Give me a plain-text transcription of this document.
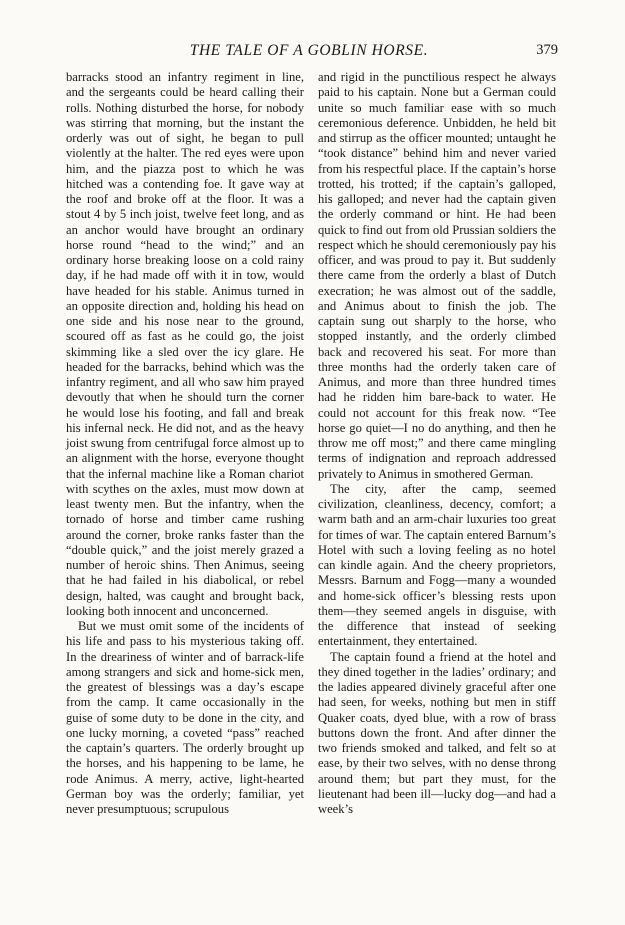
THE TALE OF A GOBLIN HORSE.	379

barracks stood an infantry regiment in line, and the sergeants could be heard calling their rolls. Nothing disturbed the horse, for nobody was stirring that morning, but the instant the orderly was out of sight, he began to pull violently at the halter. The red eyes were upon him, and the piazza post to which he was hitched was a contending foe. It gave way at the roof and broke off at the floor. It was a stout 4 by 5 inch joist, twelve feet long, and as an anchor would have brought an ordinary horse round “head to the wind;” and an ordinary horse breaking loose on a cold rainy day, if he had made off with it in tow, would have headed for his stable. Animus turned in an opposite direction and, holding his head on one side and his nose near to the ground, scoured off as fast as he could go, the joist skimming like a sled over the icy glare. He headed for the barracks, behind which was the infantry regiment, and all who saw him prayed devoutly that when he should turn the corner he would lose his footing, and fall and break his infernal neck. He did not, and as the heavy joist swung from centrifugal force almost up to an alignment with the horse, everyone thought that the infernal machine like a Roman chariot with scythes on the axles, must mow down at least twenty men. But the infantry, when the tornado of horse and timber came rushing around the corner, broke ranks faster than the “double quick,” and the joist merely grazed a number of heroic shins. Then Animus, seeing that he had failed in his diabolical, or rebel design, halted, was caught and brought back, looking both innocent and unconcerned.

But we must omit some of the incidents of his life and pass to his mysterious taking off. In the dreariness of winter and of barrack-life among strangers and sick and home-sick men, the greatest of blessings was a day’s escape from the camp. It came occasionally in the guise of some duty to be done in the city, and one lucky morning, a coveted “pass” reached the captain’s quarters. The orderly brought up the horses, and his happening to be lame, he rode Animus. A merry, active, light-hearted German boy was the orderly; familiar, yet never presumptuous; scrupulous

and rigid in the punctilious respect he always paid to his captain. None but a German could unite so much familiar ease with so much ceremonious deference. Unbidden, he held bit and stirrup as the officer mounted; untaught he “took distance” behind him and never varied from his respectful place. If the captain’s horse trotted, his trotted; if the captain’s galloped, his galloped; and never had the captain given the orderly command or hint. He had been quick to find out from old Prussian soldiers the respect which he should ceremoniously pay his officer, and was proud to pay it. But suddenly there came from the orderly a blast of Dutch execration; he was almost out of the saddle, and Animus about to finish the job. The captain sung out sharply to the horse, who stopped instantly, and the orderly climbed back and recovered his seat. For more than three months had the orderly taken care of Animus, and more than three hundred times had he ridden him bare-back to water. He could not account for this freak now. “Tee horse go quiet—I no do anything, and then he throw me off most;” and there came mingling terms of indignation and reproach addressed privately to Animus in smothered German.

The city, after the camp, seemed civilization, cleanliness, decency, comfort; a warm bath and an arm-chair luxuries too great for times of war. The captain entered Barnum’s Hotel with such a loving feeling as no hotel can kindle again. And the cheery proprietors, Messrs. Barnum and Fogg—many a wounded and home-sick officer’s blessing rests upon them—they seemed angels in disguise, with the difference that instead of seeking entertainment, they entertained.

The captain found a friend at the hotel and they dined together in the ladies’ ordinary; and the ladies appeared divinely graceful after one had seen, for weeks, nothing but men in stiff Quaker coats, dyed blue, with a row of brass buttons down the front. And after dinner the two friends smoked and talked, and felt so at ease, by their two selves, with no dense throng around them; but part they must, for the lieutenant had been ill—lucky dog—and had a week’s
